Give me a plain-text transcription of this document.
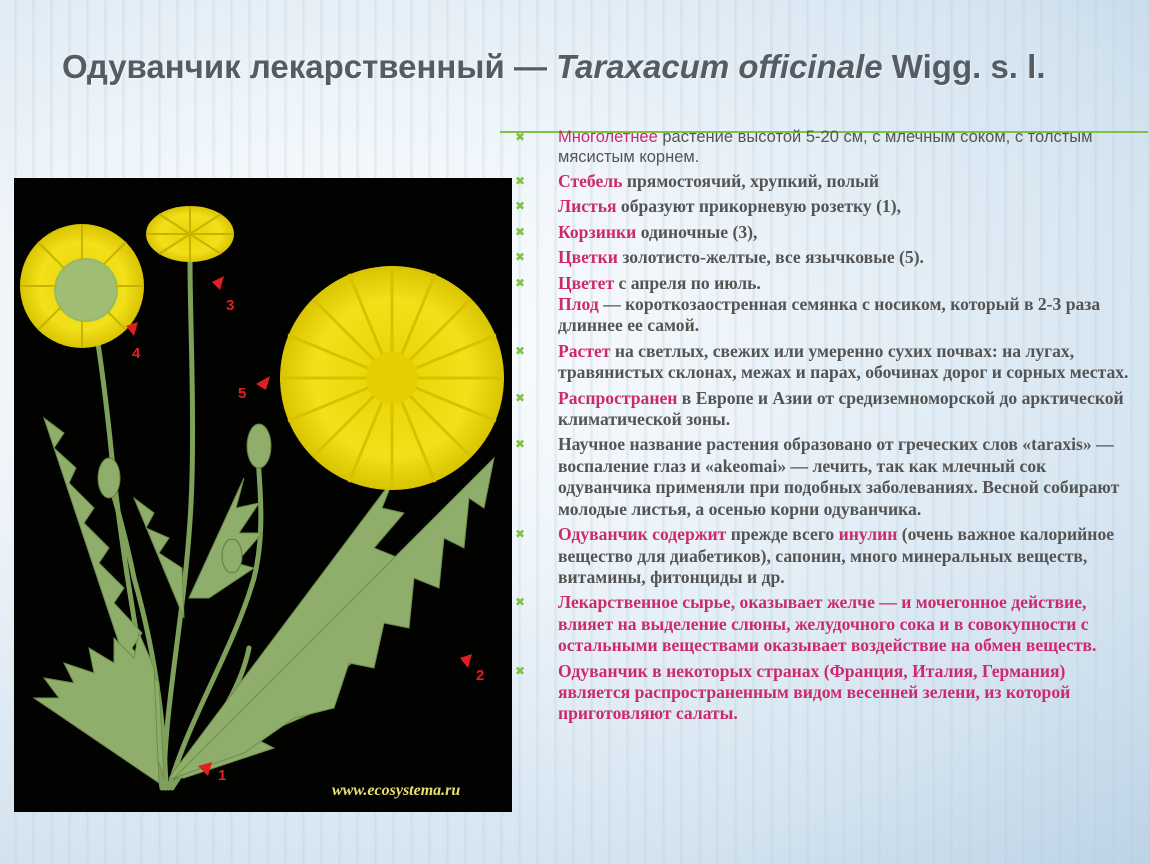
Одуванчик лекарственный — Taraxacum officinale Wigg. s. l.
3
4
5
2
1
www.ecosystema.ru
✖ Многолетнее растение высотой 5-20 см, с млечным соком, с толстым мясистым корнем.
✖ Стебель прямостоячий, хрупкий, полый
✖ Листья образуют прикорневую розетку (1),
✖ Корзинки одиночные (3),
✖ Цветки золотисто-желтые, все язычковые (5).
✖ Цветет с апреля по июль.
Плод — короткозаостренная семянка с носиком, который в 2-3 раза длиннее ее самой.
✖ Растет на светлых, свежих или умеренно сухих почвах: на лугах, травянистых склонах, межах и парах, обочинах дорог и сорных местах.
✖ Распространен в Европе и Азии от средиземноморской до арктической климатической зоны.
✖ Научное название растения образовано от греческих слов «taraxis» — воспаление глаз и «akeomai» — лечить, так как млечный сок одуванчика применяли при подобных заболеваниях. Весной собирают молодые листья, а осенью корни одуванчика.
✖ Одуванчик содержит прежде всего инулин (очень важное калорийное вещество для диабетиков), сапонин, много минеральных веществ, витамины, фитонциды и др.
✖ Лекарственное сырье, оказывает желче — и мочегонное действие, влияет на выделение слюны, желудочного сока и в совокупности с остальными веществами оказывает воздействие на обмен веществ.
✖ Одуванчик в некоторых странах (Франция, Италия, Германия) является распространенным видом весенней зелени, из которой приготовляют салаты.
